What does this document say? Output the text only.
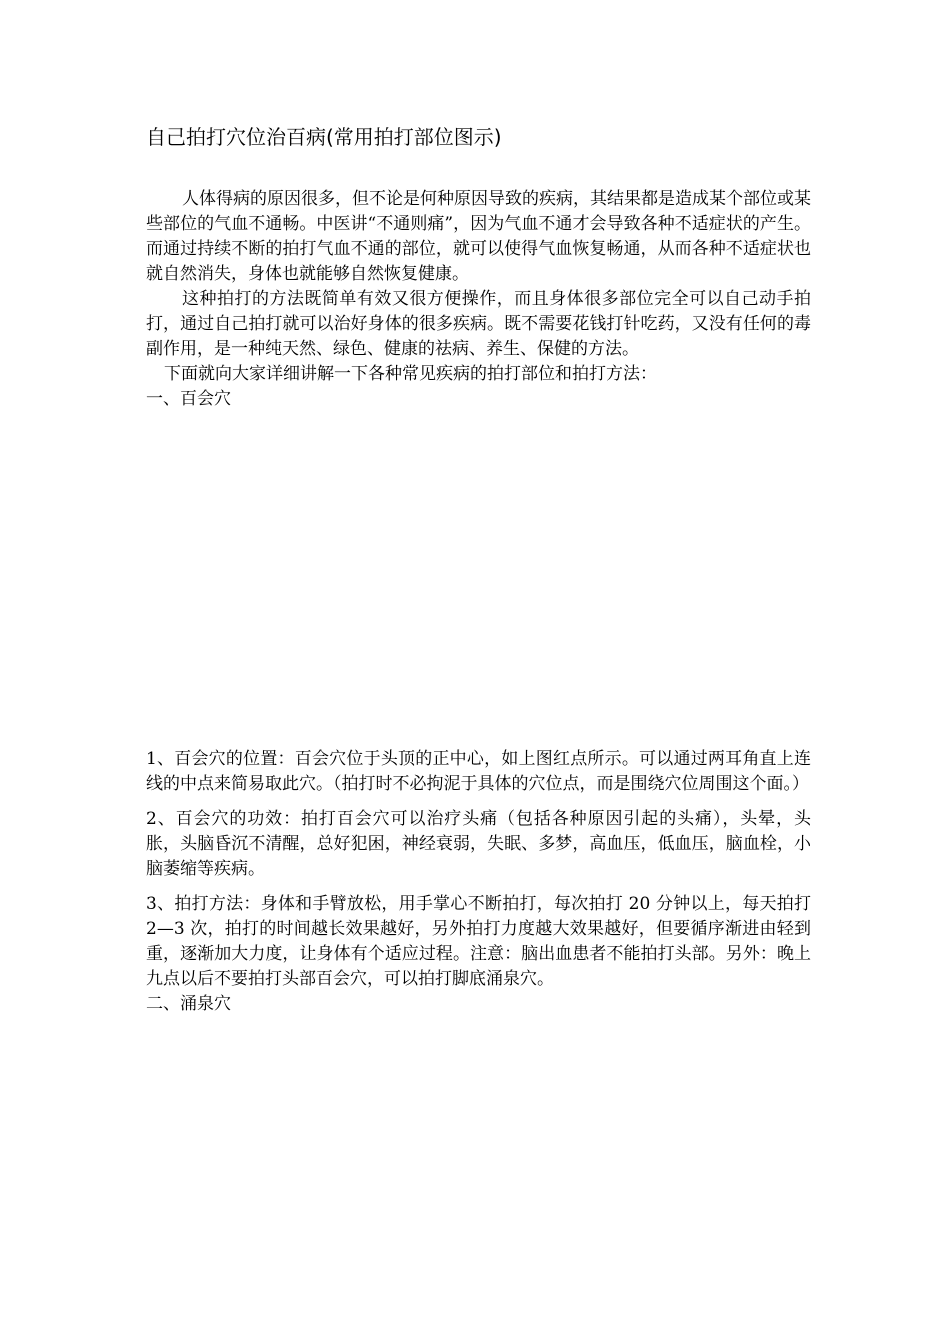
自己拍打穴位治百病(常用拍打部位图示)

人体得病的原因很多，但不论是何种原因导致的疾病，其结果都是造成某个部位或某些部位的气血不通畅。中医讲“不通则痛”，因为气血不通才会导致各种不适症状的产生。而通过持续不断的拍打气血不通的部位，就可以使得气血恢复畅通，从而各种不适症状也就自然消失，身体也就能够自然恢复健康。

这种拍打的方法既简单有效又很方便操作，而且身体很多部位完全可以自己动手拍打，通过自己拍打就可以治好身体的很多疾病。既不需要花钱打针吃药，又没有任何的毒副作用，是一种纯天然、绿色、健康的祛病、养生、保健的方法。

下面就向大家详细讲解一下各种常见疾病的拍打部位和拍打方法：

一、百会穴

1、百会穴的位置：百会穴位于头顶的正中心，如上图红点所示。可以通过两耳角直上连线的中点来简易取此穴。（拍打时不必拘泥于具体的穴位点，而是围绕穴位周围这个面。）

2、百会穴的功效：拍打百会穴可以治疗头痛（包括各种原因引起的头痛），头晕，头胀，头脑昏沉不清醒，总好犯困，神经衰弱，失眠、多梦，高血压，低血压，脑血栓，小脑萎缩等疾病。

3、拍打方法：身体和手臂放松，用手掌心不断拍打，每次拍打 20 分钟以上，每天拍打 2—3 次，拍打的时间越长效果越好，另外拍打力度越大效果越好，但要循序渐进由轻到重，逐渐加大力度，让身体有个适应过程。注意：脑出血患者不能拍打头部。另外：晚上九点以后不要拍打头部百会穴，可以拍打脚底涌泉穴。

二、涌泉穴
